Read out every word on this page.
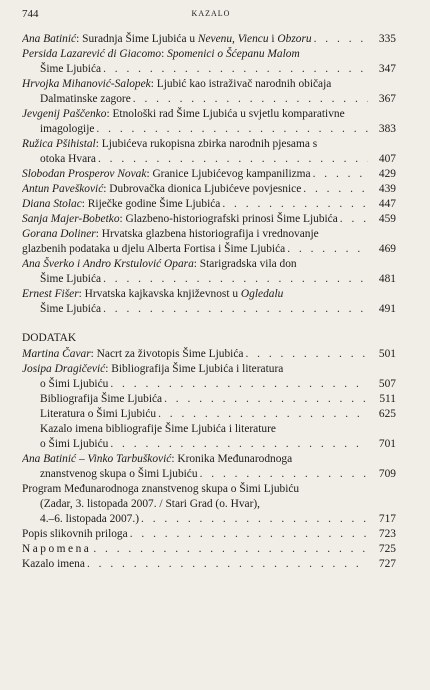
744	KAZALO
Ana Batinić: Suradnja Šime Ljubića u Nevenu, Viencu i Obzoru . . .	335
Persida Lazarević di Giacomo: Spomenici o Šćepanu Malom
Šime Ljubića . . .	347
Hrvojka Mihanović-Salopek: Ljubić kao istraživač narodnih običaja
Dalmatinske zagore . . .	367
Jevgenij Paščenko: Etnološki rad Šime Ljubića u svjetlu komparativne
imagologije . . .	383
Ružica Pšihistal: Ljubićeva rukopisna zbirka narodnih pjesama s
otoka Hvara . . .	407
Slobodan Prosperov Novak: Granice Ljubićevog kampanilizma . . .	429
Antun Pavešković: Dubrovačka dionica Ljubićeve povjesnice . . .	439
Diana Stolac: Riječke godine Šime Ljubića . . .	447
Sanja Majer-Bobetko: Glazbeno-historiografski prinosi Šime Ljubića . . .	459
Gorana Doliner: Hrvatska glazbena historiografija i vrednovanje
glazbenih podataka u djelu Alberta Fortisa i Šime Ljubića . . .	469
Ana Šverko i Andro Krstulović Opara: Starigradska vila don
Šime Ljubića . . .	481
Ernest Fišer: Hrvatska kajkavska književnost u Ogledalu
Šime Ljubića . . .	491
DODATAK
Martina Čavar: Nacrt za životopis Šime Ljubića . . .	501
Josipa Dragičević: Bibliografija Šime Ljubića i literatura
o Šimi Ljubiću . . .	507
Bibliografija Šime Ljubića . . .	511
Literatura o Šimi Ljubiću . . .	625
Kazalo imena bibliografije Šime Ljubića i literature
o Šimi Ljubiću . . .	701
Ana Batinić – Vinko Tarbušković: Kronika Međunarodnoga
znanstvenog skupa o Šimi Ljubiću . . .	709
Program Međunarodnoga znanstvenog skupa o Šimi Ljubiću
(Zadar, 3. listopada 2007. / Stari Grad (o. Hvar),
4.–6. listopada 2007.) . . .	717
Popis slikovnih priloga . . .	723
Napomena . . .	725
Kazalo imena . . .	727
